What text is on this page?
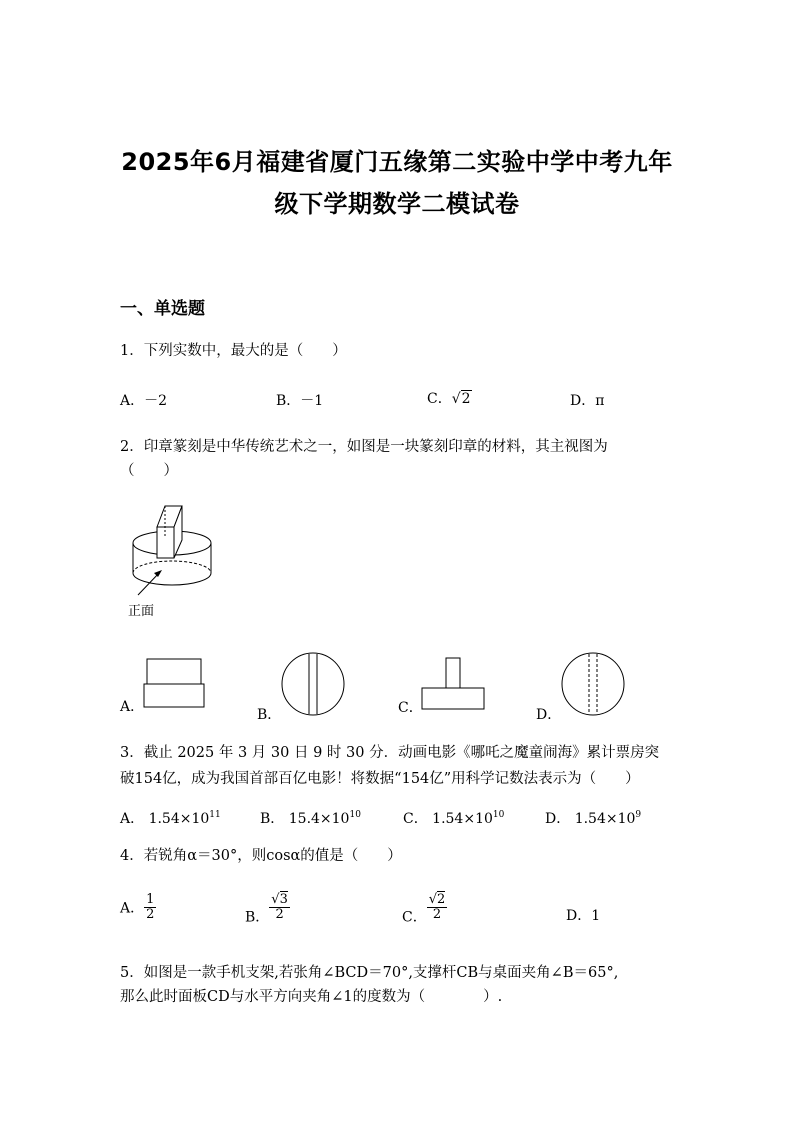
2025年6月福建省厦门五缘第二实验中学中考九年
级下学期数学二模试卷
一、单选题
1．下列实数中，最大的是（　　）
A．－2	B．－1	C．√2	D．π
2．印章篆刻是中华传统艺术之一，如图是一块篆刻印章的材料，其主视图为
（　　）
正面
A．	B．	C．	D．
3．截止 2025 年 3 月 30 日 9 时 30 分．动画电影《哪吒之魔童闹海》累计票房突
破154亿，成为我国首部百亿电影！将数据“154亿”用科学记数法表示为（　　）
A． $1.54\times 10^{11}$	B． $15.4\times 10^{10}$	C． $1.54\times 10^{10}$	D． $1.54\times 10^9$
4．若锐角α＝30°，则cosα的值是（　　）
A． $\frac{1}{2}$	B． $\frac{√3}{2}$	C． $\frac{√2}{2}$	D．1
5．如图是一款手机支架,若张角∠BCD＝70°,支撑杆CB与桌面夹角∠B＝65°,
那么此时面板CD与水平方向夹角∠1的度数为（　　　　）.
